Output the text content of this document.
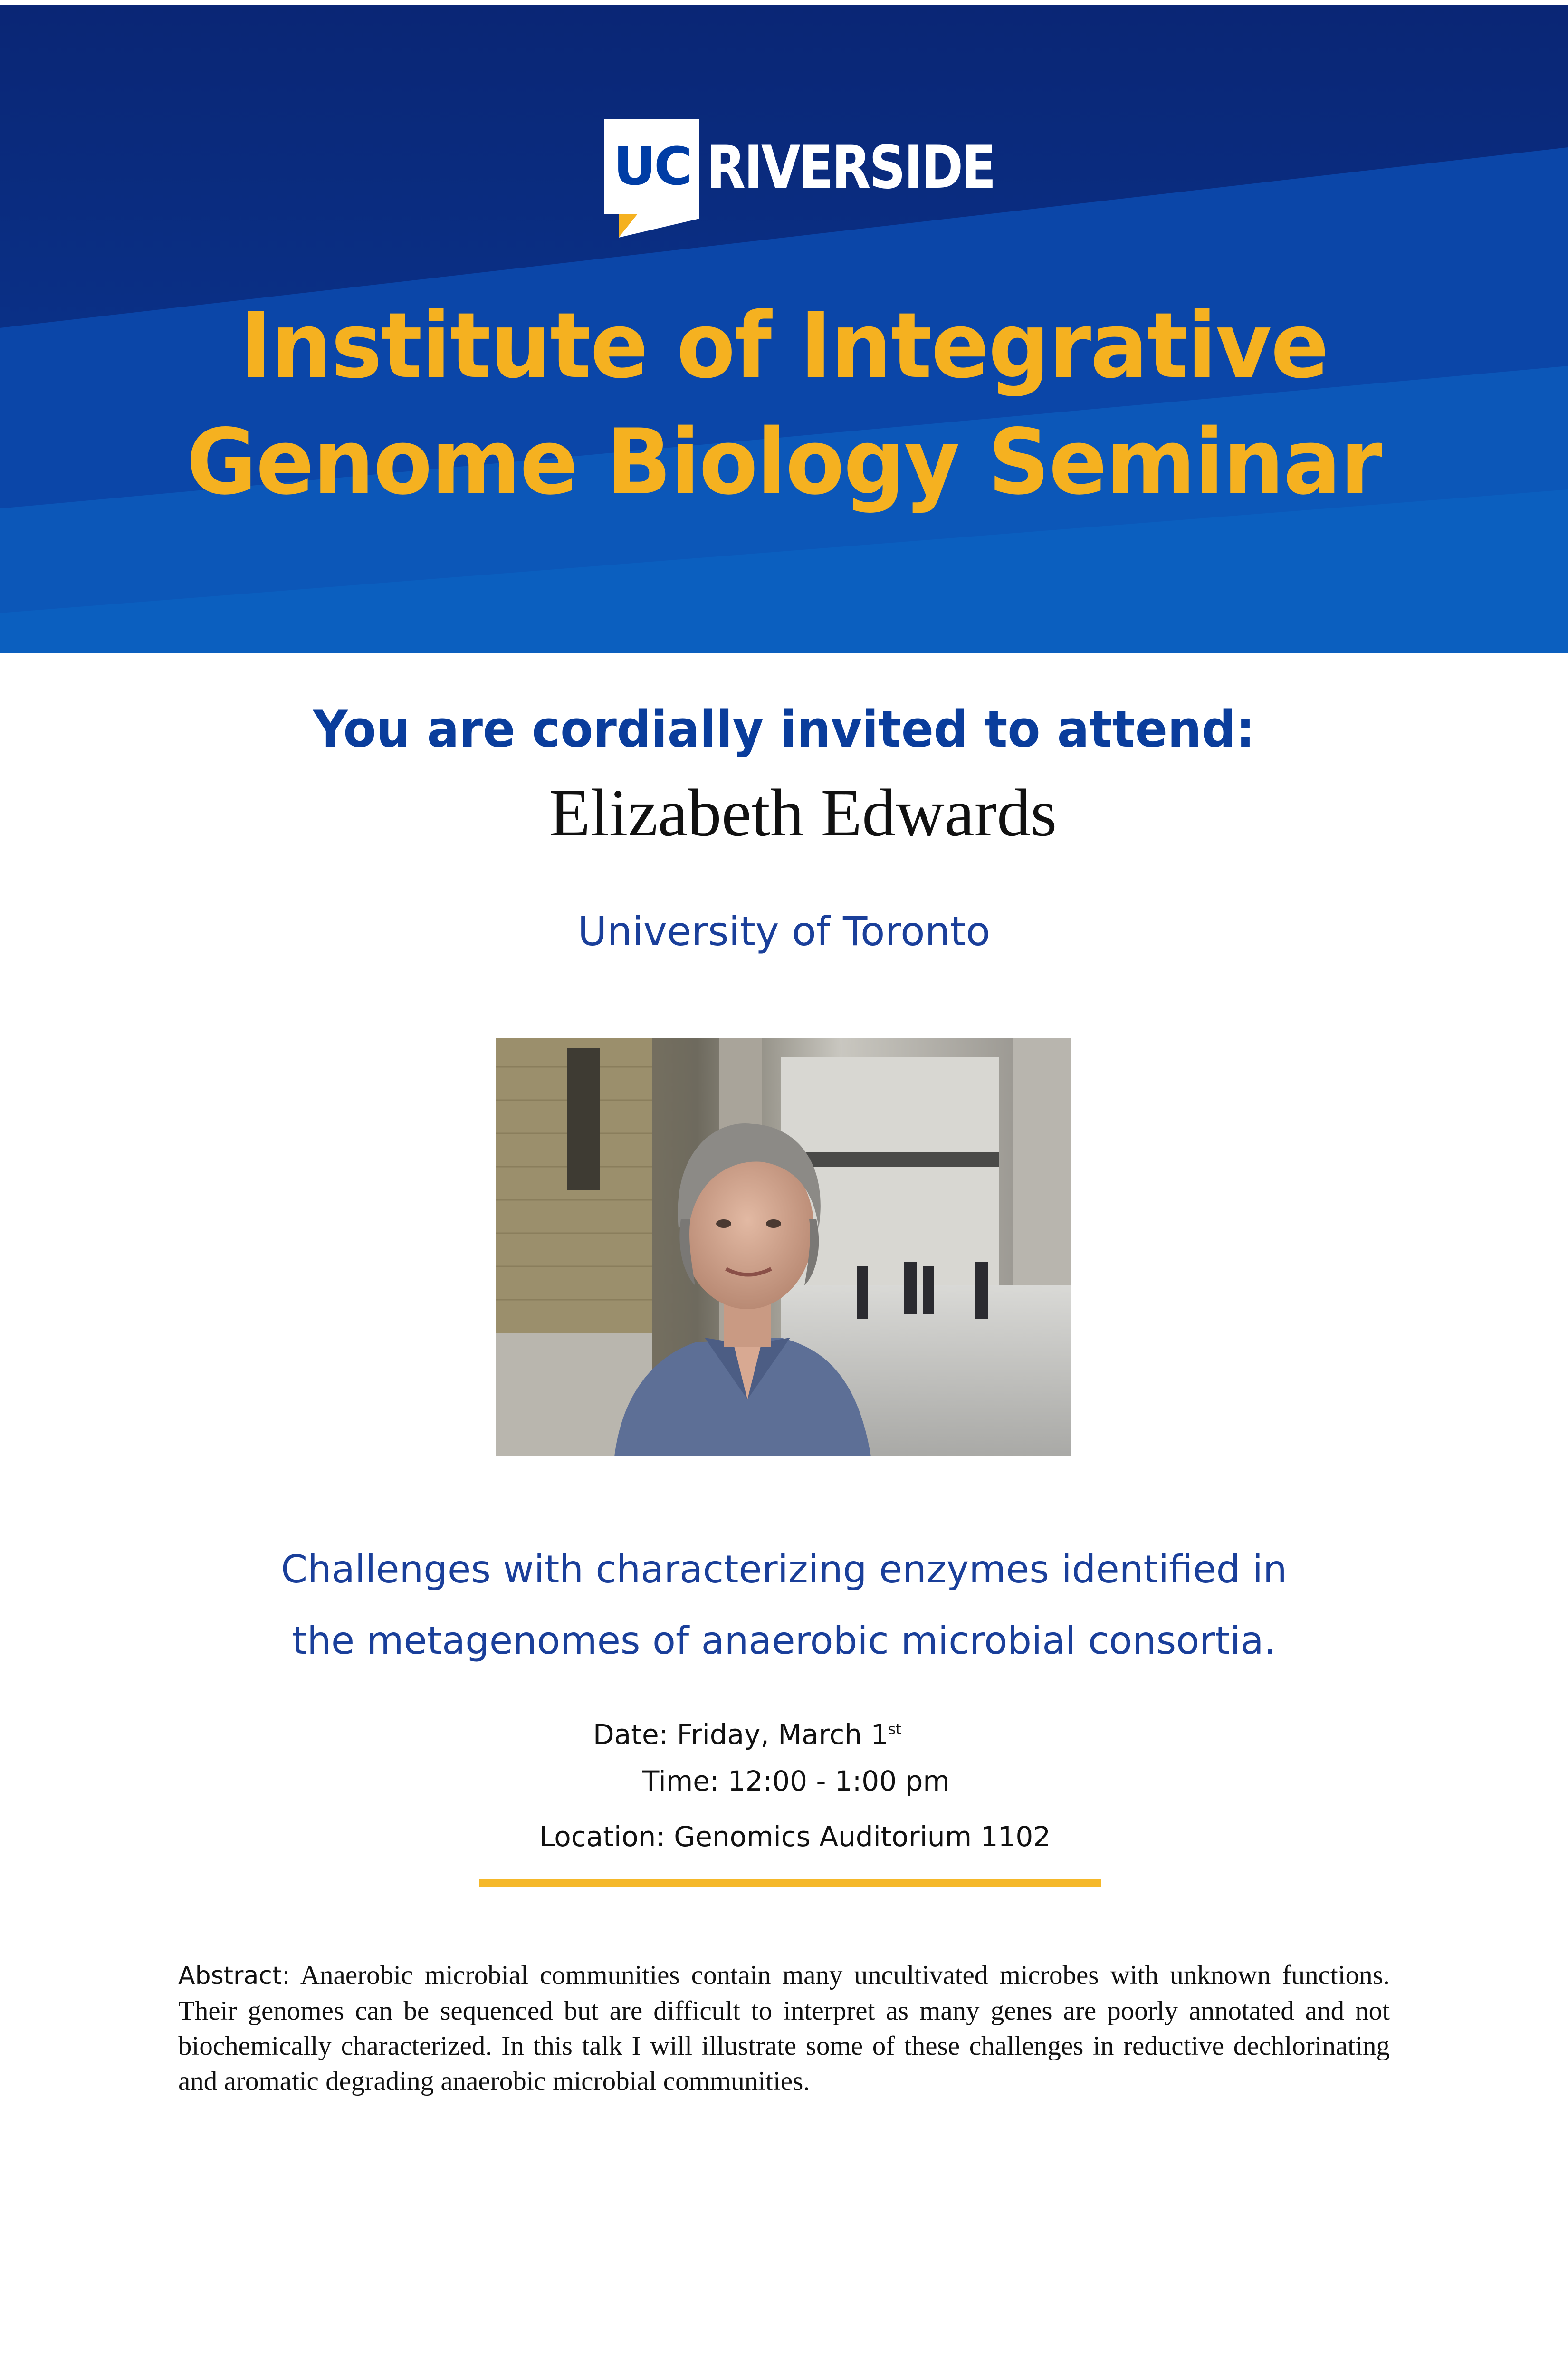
UC RIVERSIDE
Institute of Integrative
Genome Biology Seminar
You are cordially invited to attend:
Elizabeth Edwards
University of Toronto
Challenges with characterizing enzymes identified in
the metagenomes of anaerobic microbial consortia.
Date: Friday, March 1st
Time: 12:00 - 1:00 pm
Location: Genomics Auditorium 1102
Abstract: Anaerobic microbial communities contain many uncultivated microbes with unknown functions. Their genomes can be sequenced but are difficult to interpret as many genes are poorly annotated and not biochemically characterized. In this talk I will illustrate some of these challenges in reductive dechlorinating and aromatic degrading anaerobic microbial communities.
